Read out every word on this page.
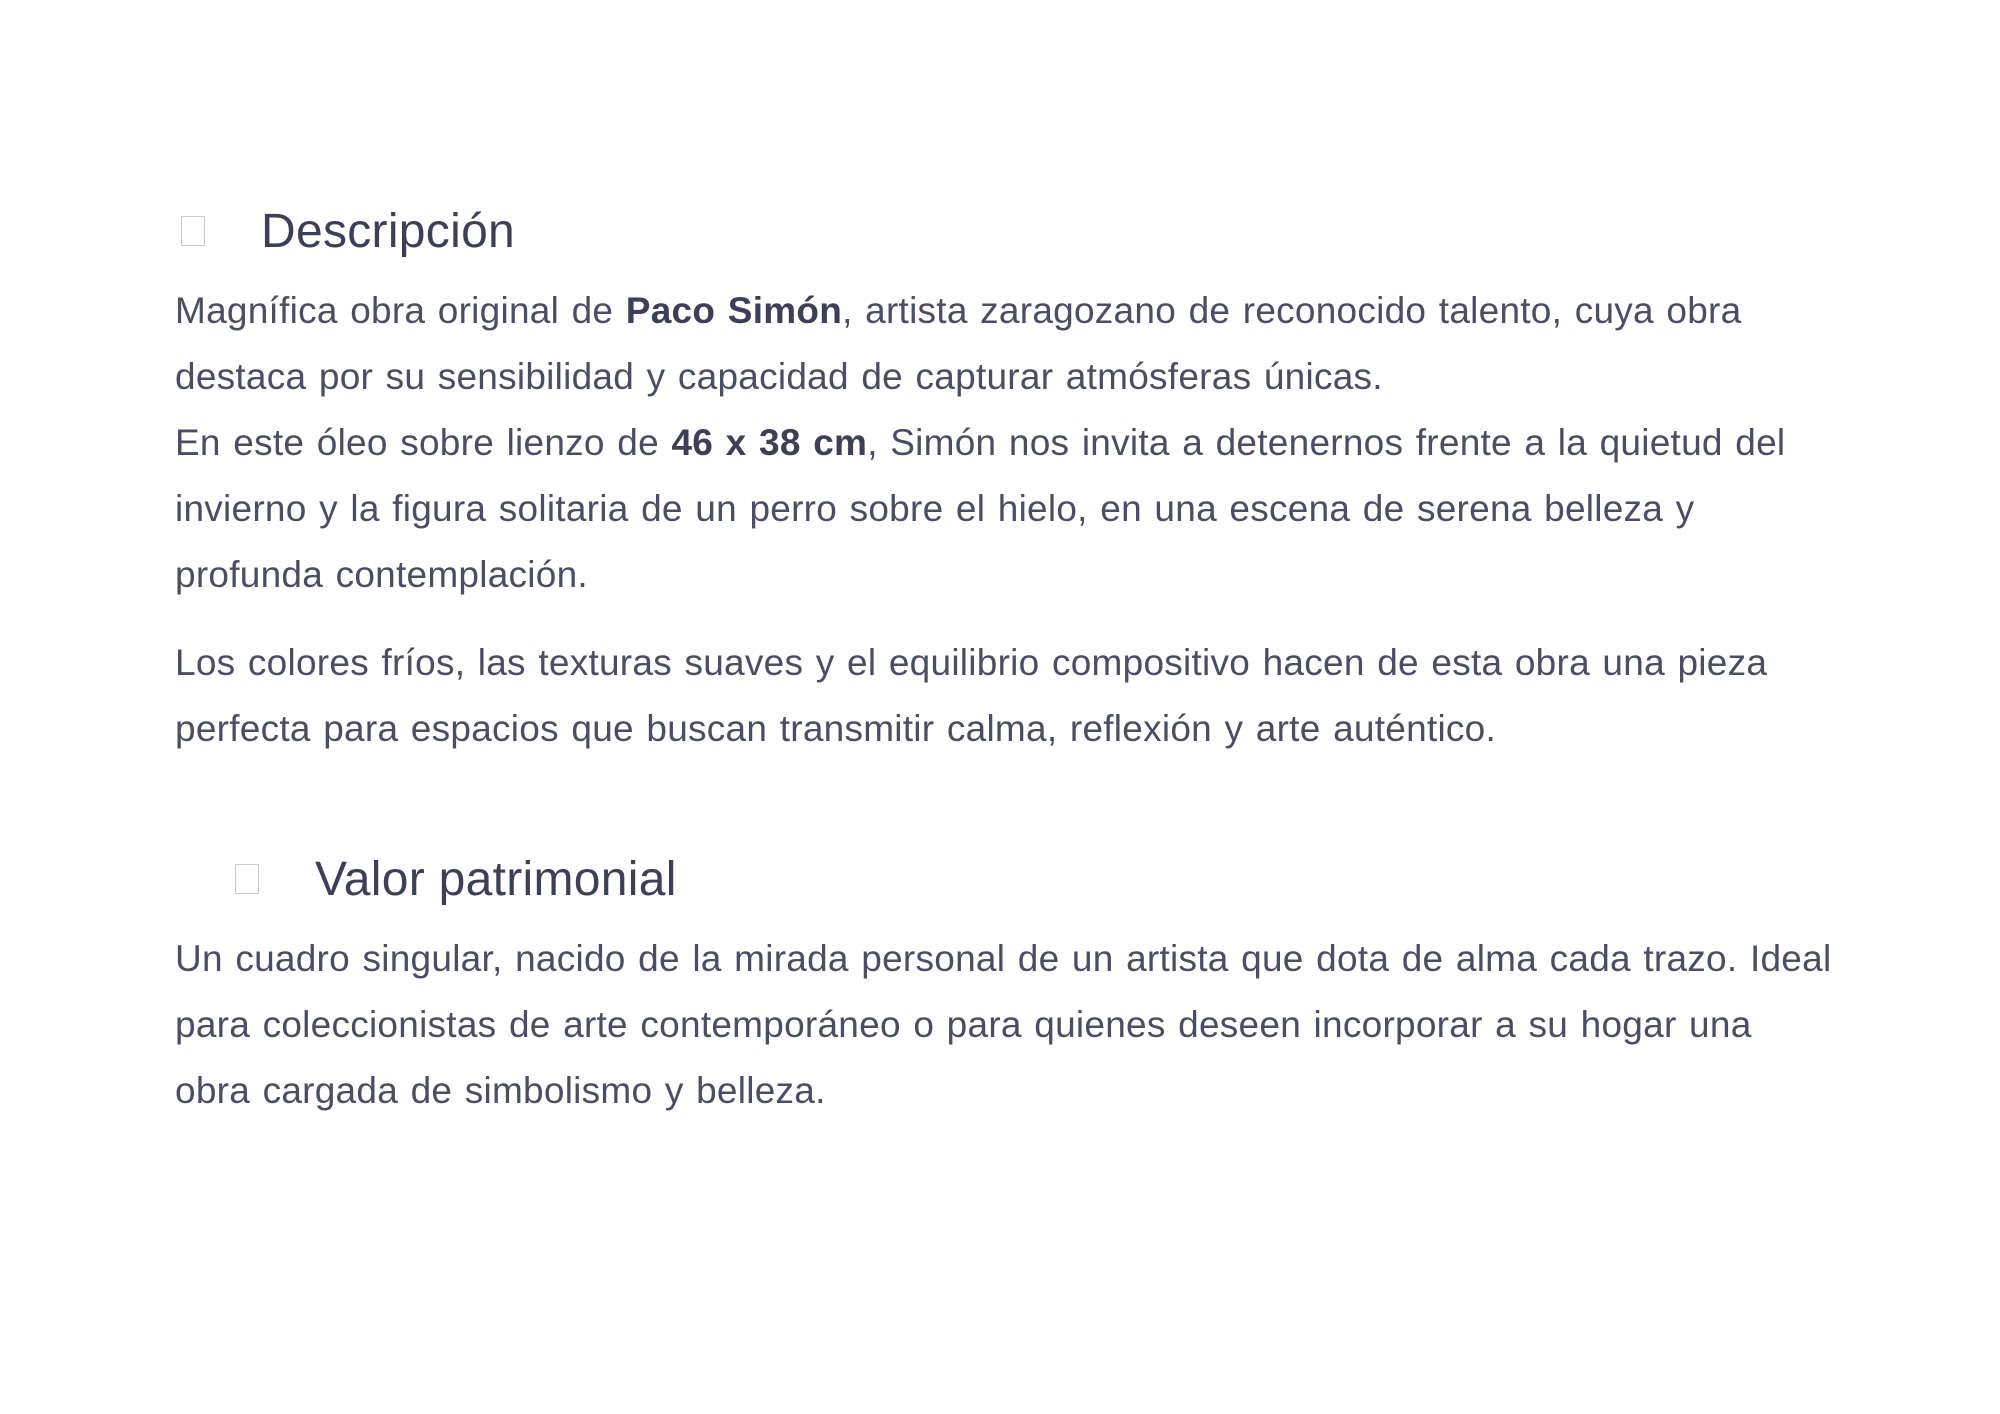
Descripción

Magnífica obra original de Paco Simón, artista zaragozano de reconocido talento, cuya obra destaca por su sensibilidad y capacidad de capturar atmósferas únicas.

En este óleo sobre lienzo de 46 x 38 cm, Simón nos invita a detenernos frente a la quietud del invierno y la figura solitaria de un perro sobre el hielo, en una escena de serena belleza y profunda contemplación.

Los colores fríos, las texturas suaves y el equilibrio compositivo hacen de esta obra una pieza perfecta para espacios que buscan transmitir calma, reflexión y arte auténtico.

Valor patrimonial

Un cuadro singular, nacido de la mirada personal de un artista que dota de alma cada trazo. Ideal para coleccionistas de arte contemporáneo o para quienes deseen incorporar a su hogar una obra cargada de simbolismo y belleza.
